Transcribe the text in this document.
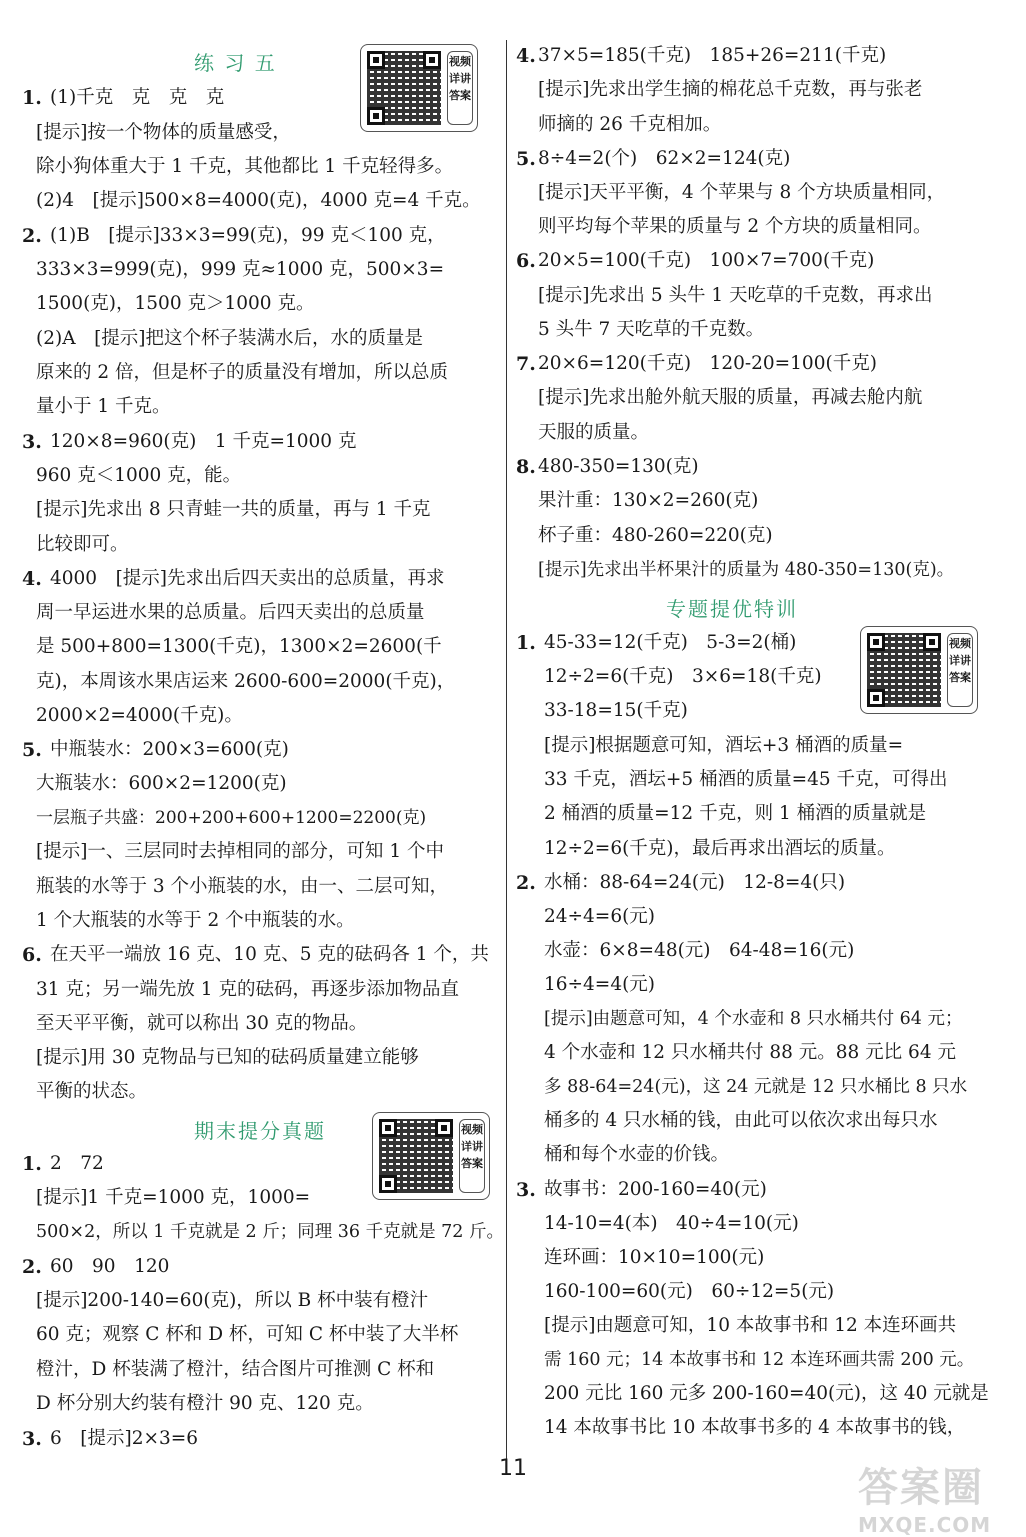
练 习 五	视频详讲答案
1. (1)千克　克　克　克
[提示]按一个物体的质量感受，
除小狗体重大于 1 千克，其他都比 1 千克轻得多。
(2)4　[提示]500×8=4000(克)，4000 克=4 千克。
2. (1)B　[提示]33×3=99(克)，99 克＜100 克，
333×3=999(克)，999 克≈1000 克，500×3=
1500(克)，1500 克＞1000 克。
(2)A　[提示]把这个杯子装满水后，水的质量是
原来的 2 倍，但是杯子的质量没有增加，所以总质
量小于 1 千克。
3. 120×8=960(克)　1 千克=1000 克
960 克＜1000 克，能。
[提示]先求出 8 只青蛙一共的质量，再与 1 千克
比较即可。
4. 4000　[提示]先求出后四天卖出的总质量，再求
周一早运进水果的总质量。后四天卖出的总质量
是 500+800=1300(千克)，1300×2=2600(千
克)，本周该水果店运来 2600-600=2000(千克)，
2000×2=4000(千克)。
5. 中瓶装水：200×3=600(克)
大瓶装水：600×2=1200(克)
一层瓶子共盛：200+200+600+1200=2200(克)
[提示]一、三层同时去掉相同的部分，可知 1 个中
瓶装的水等于 3 个小瓶装的水，由一、二层可知，
1 个大瓶装的水等于 2 个中瓶装的水。
6. 在天平一端放 16 克、10 克、5 克的砝码各 1 个，共
31 克；另一端先放 1 克的砝码，再逐步添加物品直
至天平平衡，就可以称出 30 克的物品。
[提示]用 30 克物品与已知的砝码质量建立能够
平衡的状态。
期末提分真题	视频详讲答案
1. 2　72
[提示]1 千克=1000 克，1000=
500×2，所以 1 千克就是 2 斤；同理 36 千克就是 72 斤。
2. 60　90　120
[提示]200-140=60(克)，所以 B 杯中装有橙汁
60 克；观察 C 杯和 D 杯，可知 C 杯中装了大半杯
橙汁，D 杯装满了橙汁，结合图片可推测 C 杯和
D 杯分别大约装有橙汁 90 克、120 克。
3. 6　[提示]2×3=6
4. 37×5=185(千克)　185+26=211(千克)
[提示]先求出学生摘的棉花总千克数，再与张老
师摘的 26 千克相加。
5. 8÷4=2(个)　62×2=124(克)
[提示]天平平衡，4 个苹果与 8 个方块质量相同，
则平均每个苹果的质量与 2 个方块的质量相同。
6. 20×5=100(千克)　100×7=700(千克)
[提示]先求出 5 头牛 1 天吃草的千克数，再求出
5 头牛 7 天吃草的千克数。
7. 20×6=120(千克)　120-20=100(千克)
[提示]先求出舱外航天服的质量，再减去舱内航
天服的质量。
8. 480-350=130(克)
果汁重：130×2=260(克)
杯子重：480-260=220(克)
[提示]先求出半杯果汁的质量为 480-350=130(克)。
专题提优特训
1. 45-33=12(千克)　5-3=2(桶)
12÷2=6(千克)　3×6=18(千克)
33-18=15(千克)
视频详讲答案
[提示]根据题意可知，酒坛+3 桶酒的质量=
33 千克，酒坛+5 桶酒的质量=45 千克，可得出
2 桶酒的质量=12 千克，则 1 桶酒的质量就是
12÷2=6(千克)，最后再求出酒坛的质量。
2. 水桶：88-64=24(元)　12-8=4(只)
24÷4=6(元)
水壶：6×8=48(元)　64-48=16(元)
16÷4=4(元)
[提示]由题意可知，4 个水壶和 8 只水桶共付 64 元；
4 个水壶和 12 只水桶共付 88 元。88 元比 64 元
多 88-64=24(元)，这 24 元就是 12 只水桶比 8 只水
桶多的 4 只水桶的钱，由此可以依次求出每只水
桶和每个水壶的价钱。
3. 故事书：200-160=40(元)
14-10=4(本)　40÷4=10(元)
连环画：10×10=100(元)
160-100=60(元)　60÷12=5(元)
[提示]由题意可知，10 本故事书和 12 本连环画共
需 160 元；14 本故事书和 12 本连环画共需 200 元。
200 元比 160 元多 200-160=40(元)，这 40 元就是
14 本故事书比 10 本故事书多的 4 本故事书的钱，
11	答案圈
MXQE.COM
